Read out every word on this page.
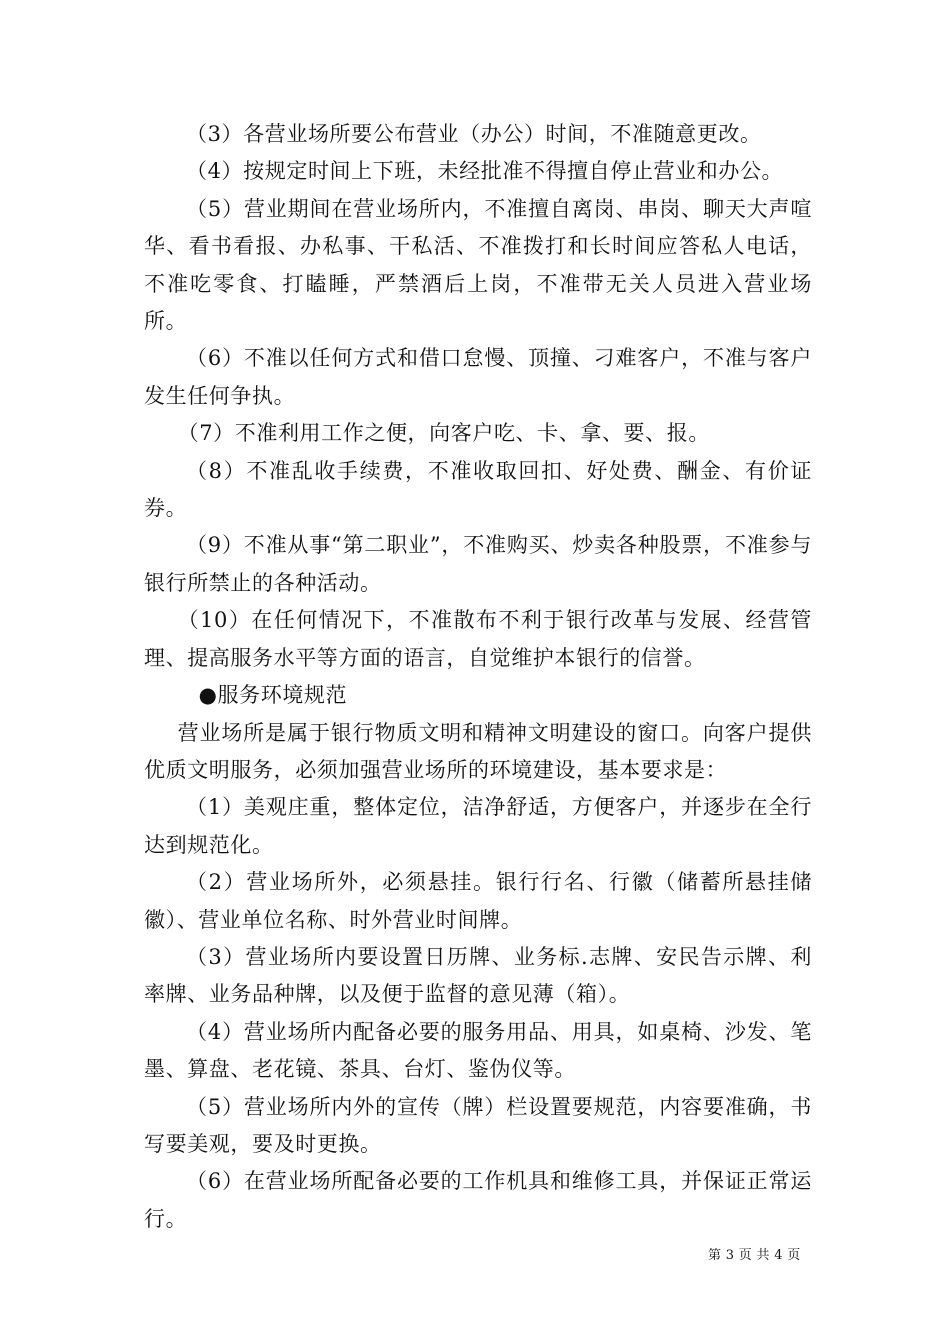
（3）各营业场所要公布营业（办公）时间，不准随意更改。

（4）按规定时间上下班，未经批准不得擅自停止营业和办公。

（5）营业期间在营业场所内，不准擅自离岗、串岗、聊天大声喧华、看书看报、办私事、干私活、不准拨打和长时间应答私人电话，不准吃零食、打瞌睡，严禁酒后上岗，不准带无关人员进入营业场所。

（6）不准以任何方式和借口怠慢、顶撞、刁难客户，不准与客户发生任何争执。

（7）不准利用工作之便，向客户吃、卡、拿、要、报。

（8）不准乱收手续费，不准收取回扣、好处费、酬金、有价证券。

（9）不准从事“第二职业”，不准购买、炒卖各种股票，不准参与银行所禁止的各种活动。

（10）在任何情况下，不准散布不利于银行改革与发展、经营管理、提高服务水平等方面的语言，自觉维护本银行的信誉。

●服务环境规范

营业场所是属于银行物质文明和精神文明建设的窗口。向客户提供优质文明服务，必须加强营业场所的环境建设，基本要求是：

（1）美观庄重，整体定位，洁净舒适，方便客户，并逐步在全行达到规范化。

（2）营业场所外，必须悬挂。银行行名、行徽（储蓄所悬挂储徽）、营业单位名称、时外营业时间牌。

（3）营业场所内要设置日历牌、业务标.志牌、安民告示牌、利率牌、业务品种牌，以及便于监督的意见薄（箱）。

（4）营业场所内配备必要的服务用品、用具，如桌椅、沙发、笔墨、算盘、老花镜、茶具、台灯、鉴伪仪等。

（5）营业场所内外的宣传（牌）栏设置要规范，内容要准确，书写要美观，要及时更换。

（6）在营业场所配备必要的工作机具和维修工具，并保证正常运行。

第 3 页 共 4 页
